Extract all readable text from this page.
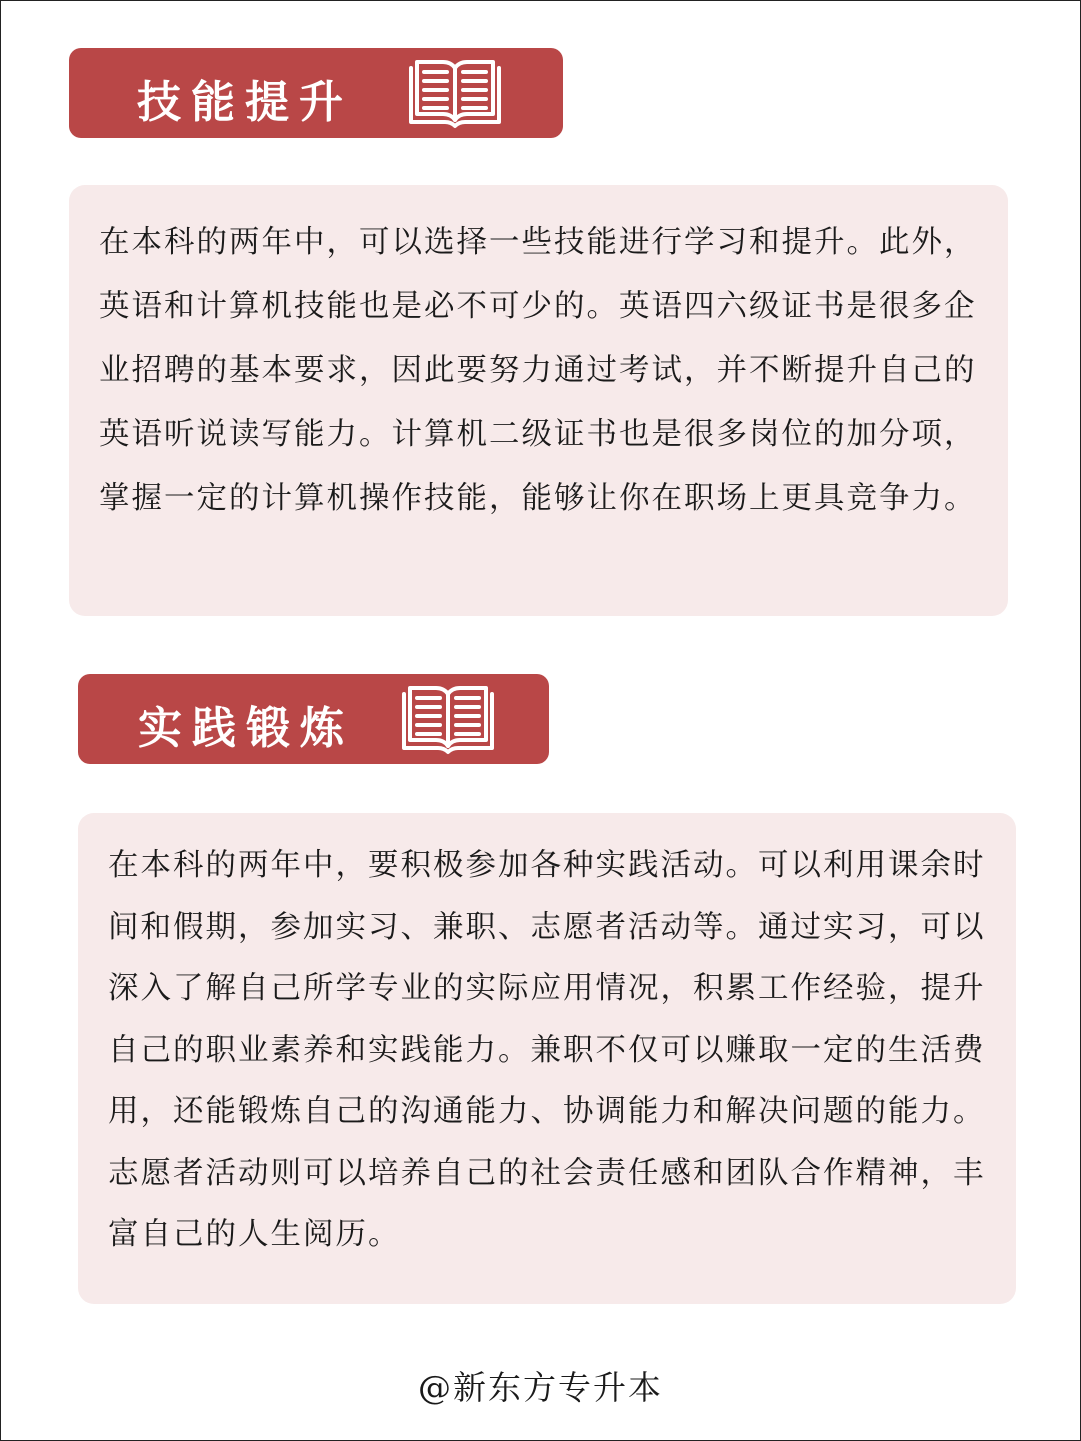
技能提升

在本科的两年中，可以选择一些技能进行学习和提升。此外，英语和计算机技能也是必不可少的。英语四六级证书是很多企业招聘的基本要求，因此要努力通过考试，并不断提升自己的英语听说读写能力。计算机二级证书也是很多岗位的加分项，掌握一定的计算机操作技能，能够让你在职场上更具竞争力。

实践锻炼

在本科的两年中，要积极参加各种实践活动。可以利用课余时间和假期，参加实习、兼职、志愿者活动等。通过实习，可以深入了解自己所学专业的实际应用情况，积累工作经验，提升自己的职业素养和实践能力。兼职不仅可以赚取一定的生活费用，还能锻炼自己的沟通能力、协调能力和解决问题的能力。志愿者活动则可以培养自己的社会责任感和团队合作精神，丰富自己的人生阅历。

@新东方专升本
